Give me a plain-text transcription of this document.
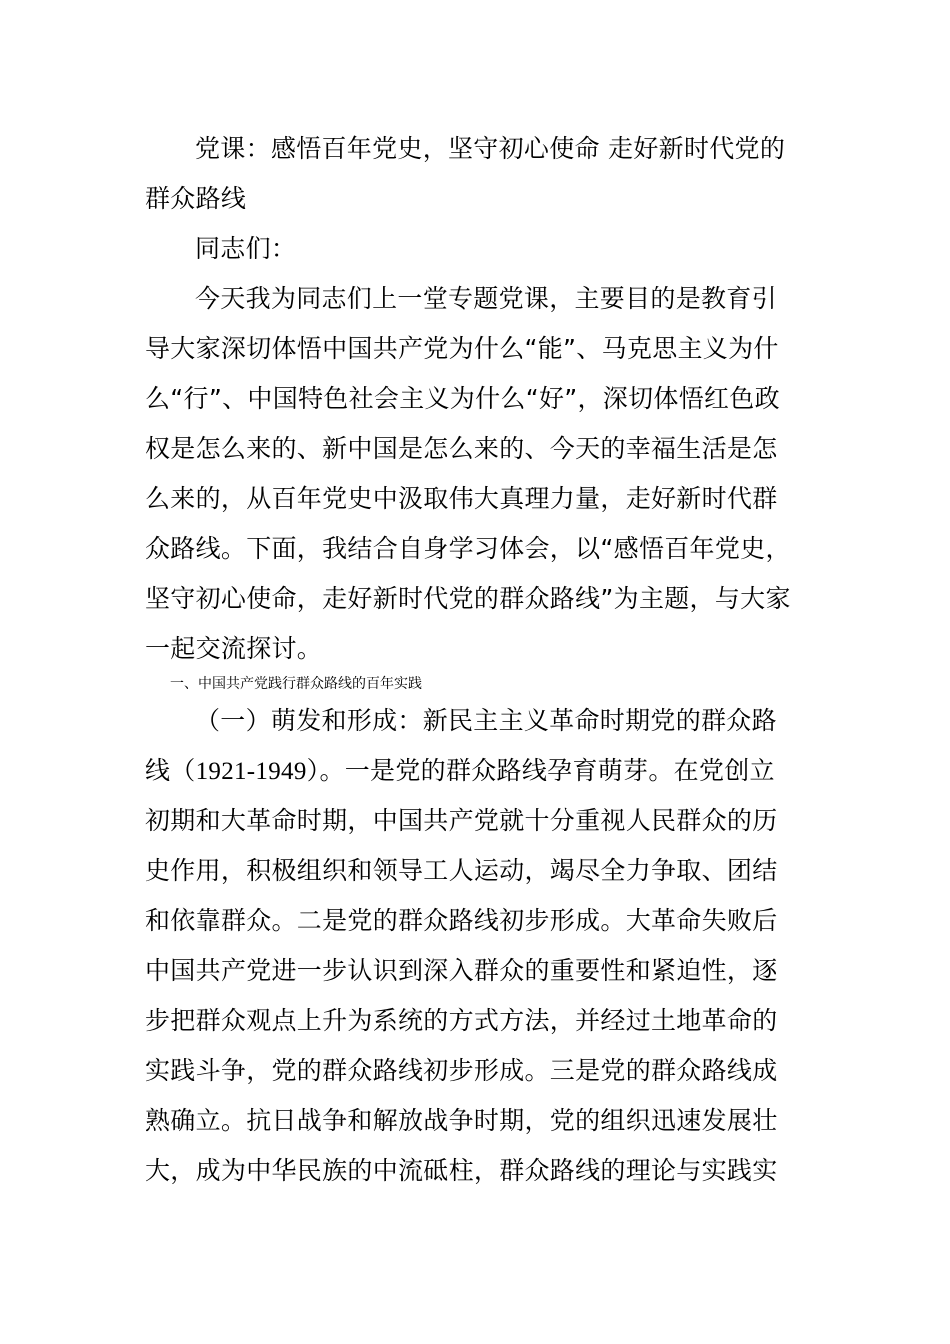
党课：感悟百年党史，坚守初心使命 走好新时代党的
群众路线
同志们：
今天我为同志们上一堂专题党课，主要目的是教育引
导大家深切体悟中国共产党为什么“能”、马克思主义为什
么“行”、中国特色社会主义为什么“好”，深切体悟红色政
权是怎么来的、新中国是怎么来的、今天的幸福生活是怎
么来的，从百年党史中汲取伟大真理力量，走好新时代群
众路线。下面，我结合自身学习体会，以“感悟百年党史，
坚守初心使命，走好新时代党的群众路线”为主题，与大家
一起交流探讨。
一、中国共产党践行群众路线的百年实践
（一）萌发和形成：新民主主义革命时期党的群众路
线（1921-1949）。一是党的群众路线孕育萌芽。在党创立
初期和大革命时期，中国共产党就十分重视人民群众的历
史作用，积极组织和领导工人运动，竭尽全力争取、团结
和依靠群众。二是党的群众路线初步形成。大革命失败后
中国共产党进一步认识到深入群众的重要性和紧迫性，逐
步把群众观点上升为系统的方式方法，并经过土地革命的
实践斗争，党的群众路线初步形成。三是党的群众路线成
熟确立。抗日战争和解放战争时期，党的组织迅速发展壮
大，成为中华民族的中流砥柱，群众路线的理论与实践实
